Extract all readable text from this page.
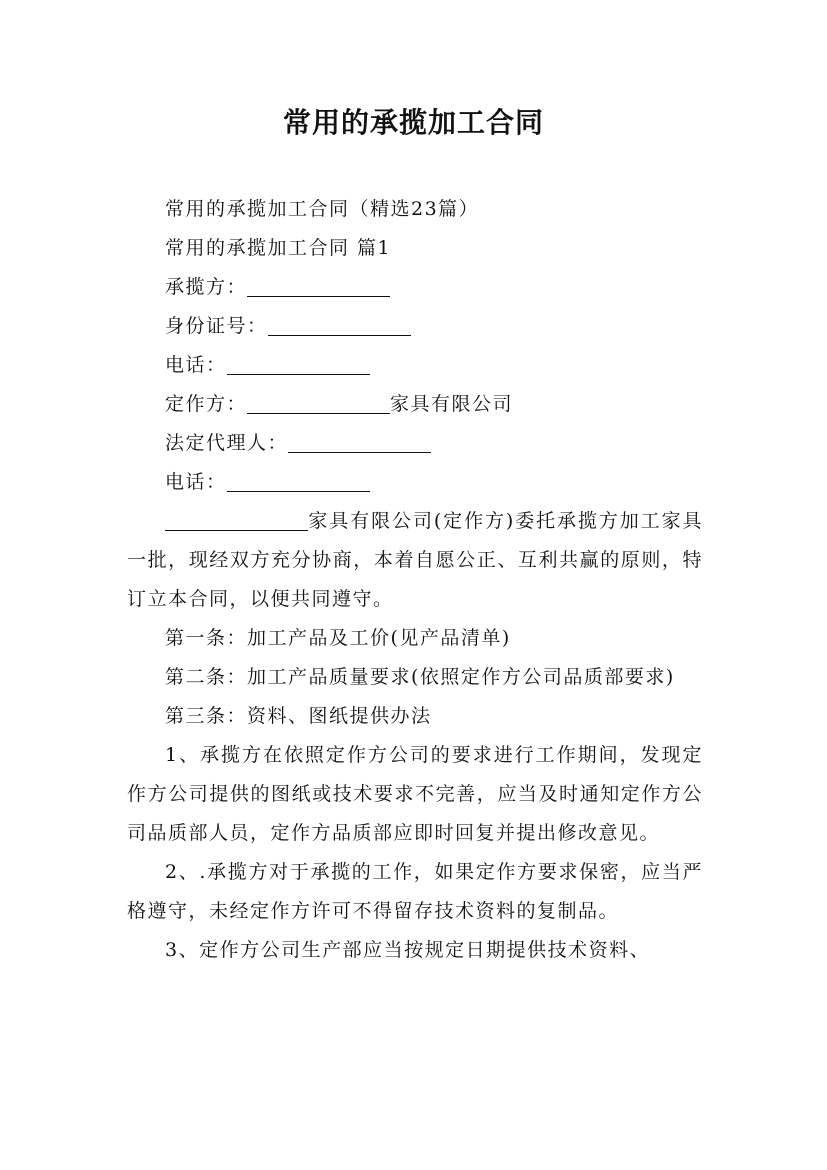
常用的承揽加工合同

常用的承揽加工合同（精选23篇）

常用的承揽加工合同 篇1

承揽方：

身份证号：

电话：

定作方：	家具有限公司

法定代理人：

电话：

家具有限公司(定作方)委托承揽方加工家具一批，现经双方充分协商，本着自愿公正、互利共赢的原则，特订立本合同，以便共同遵守。

第一条：加工产品及工价(见产品清单)

第二条：加工产品质量要求(依照定作方公司品质部要求)

第三条：资料、图纸提供办法

1、承揽方在依照定作方公司的要求进行工作期间，发现定作方公司提供的图纸或技术要求不完善，应当及时通知定作方公司品质部人员，定作方品质部应即时回复并提出修改意见。

2、.承揽方对于承揽的工作，如果定作方要求保密，应当严格遵守，未经定作方许可不得留存技术资料的复制品。

3、定作方公司生产部应当按规定日期提供技术资料、
